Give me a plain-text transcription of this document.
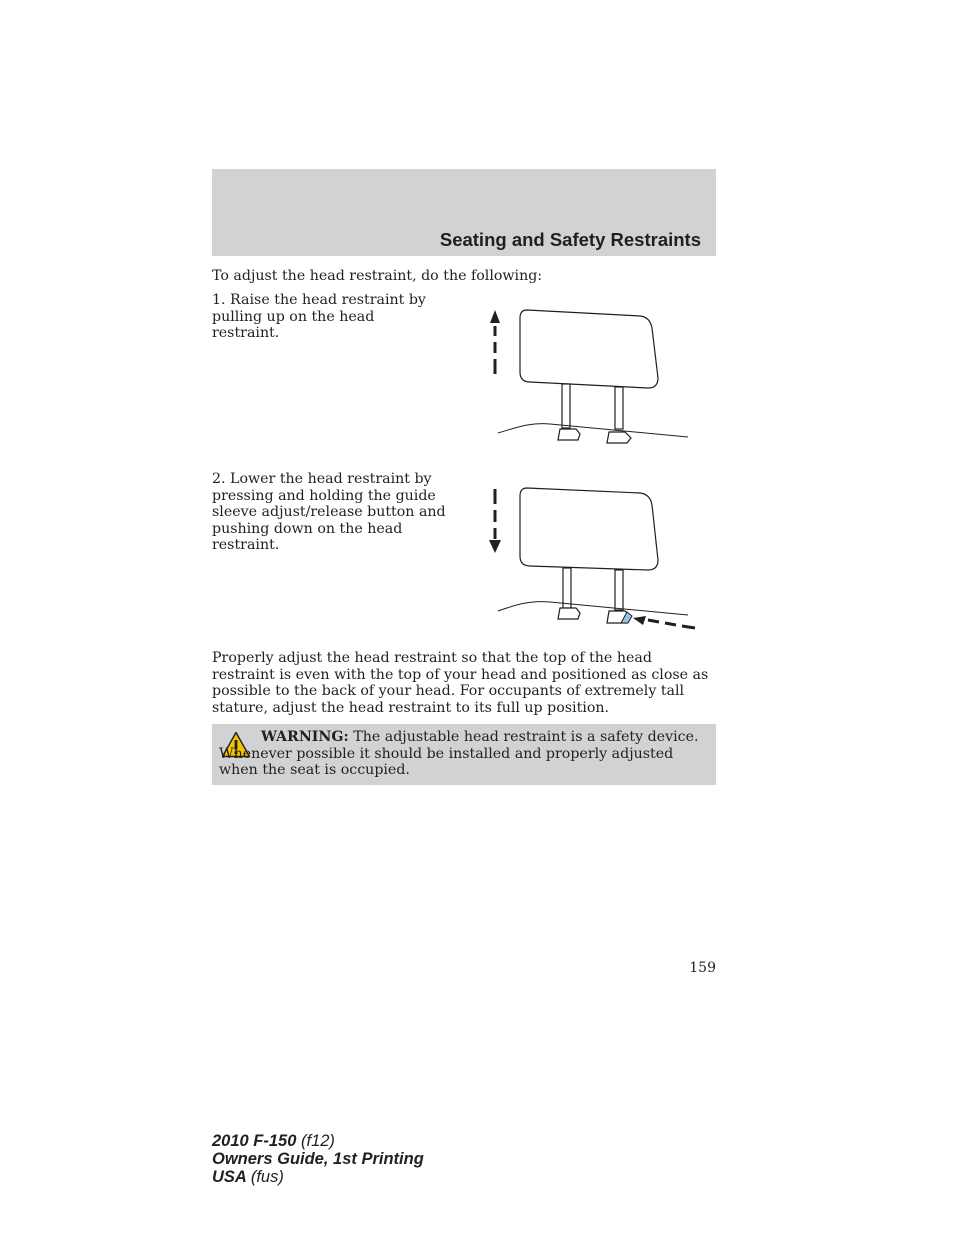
Seating and Safety Restraints

To adjust the head restraint, do the following:

1. Raise the head restraint by pulling up on the head restraint.

2. Lower the head restraint by pressing and holding the guide sleeve adjust/release button and pushing down on the head restraint.

Properly adjust the head restraint so that the top of the head restraint is even with the top of your head and positioned as close as possible to the back of your head. For occupants of extremely tall stature, adjust the head restraint to its full up position.

WARNING: The adjustable head restraint is a safety device. Whenever possible it should be installed and properly adjusted when the seat is occupied.
159
2010 F-150 (f12)
Owners Guide, 1st Printing
USA (fus)
